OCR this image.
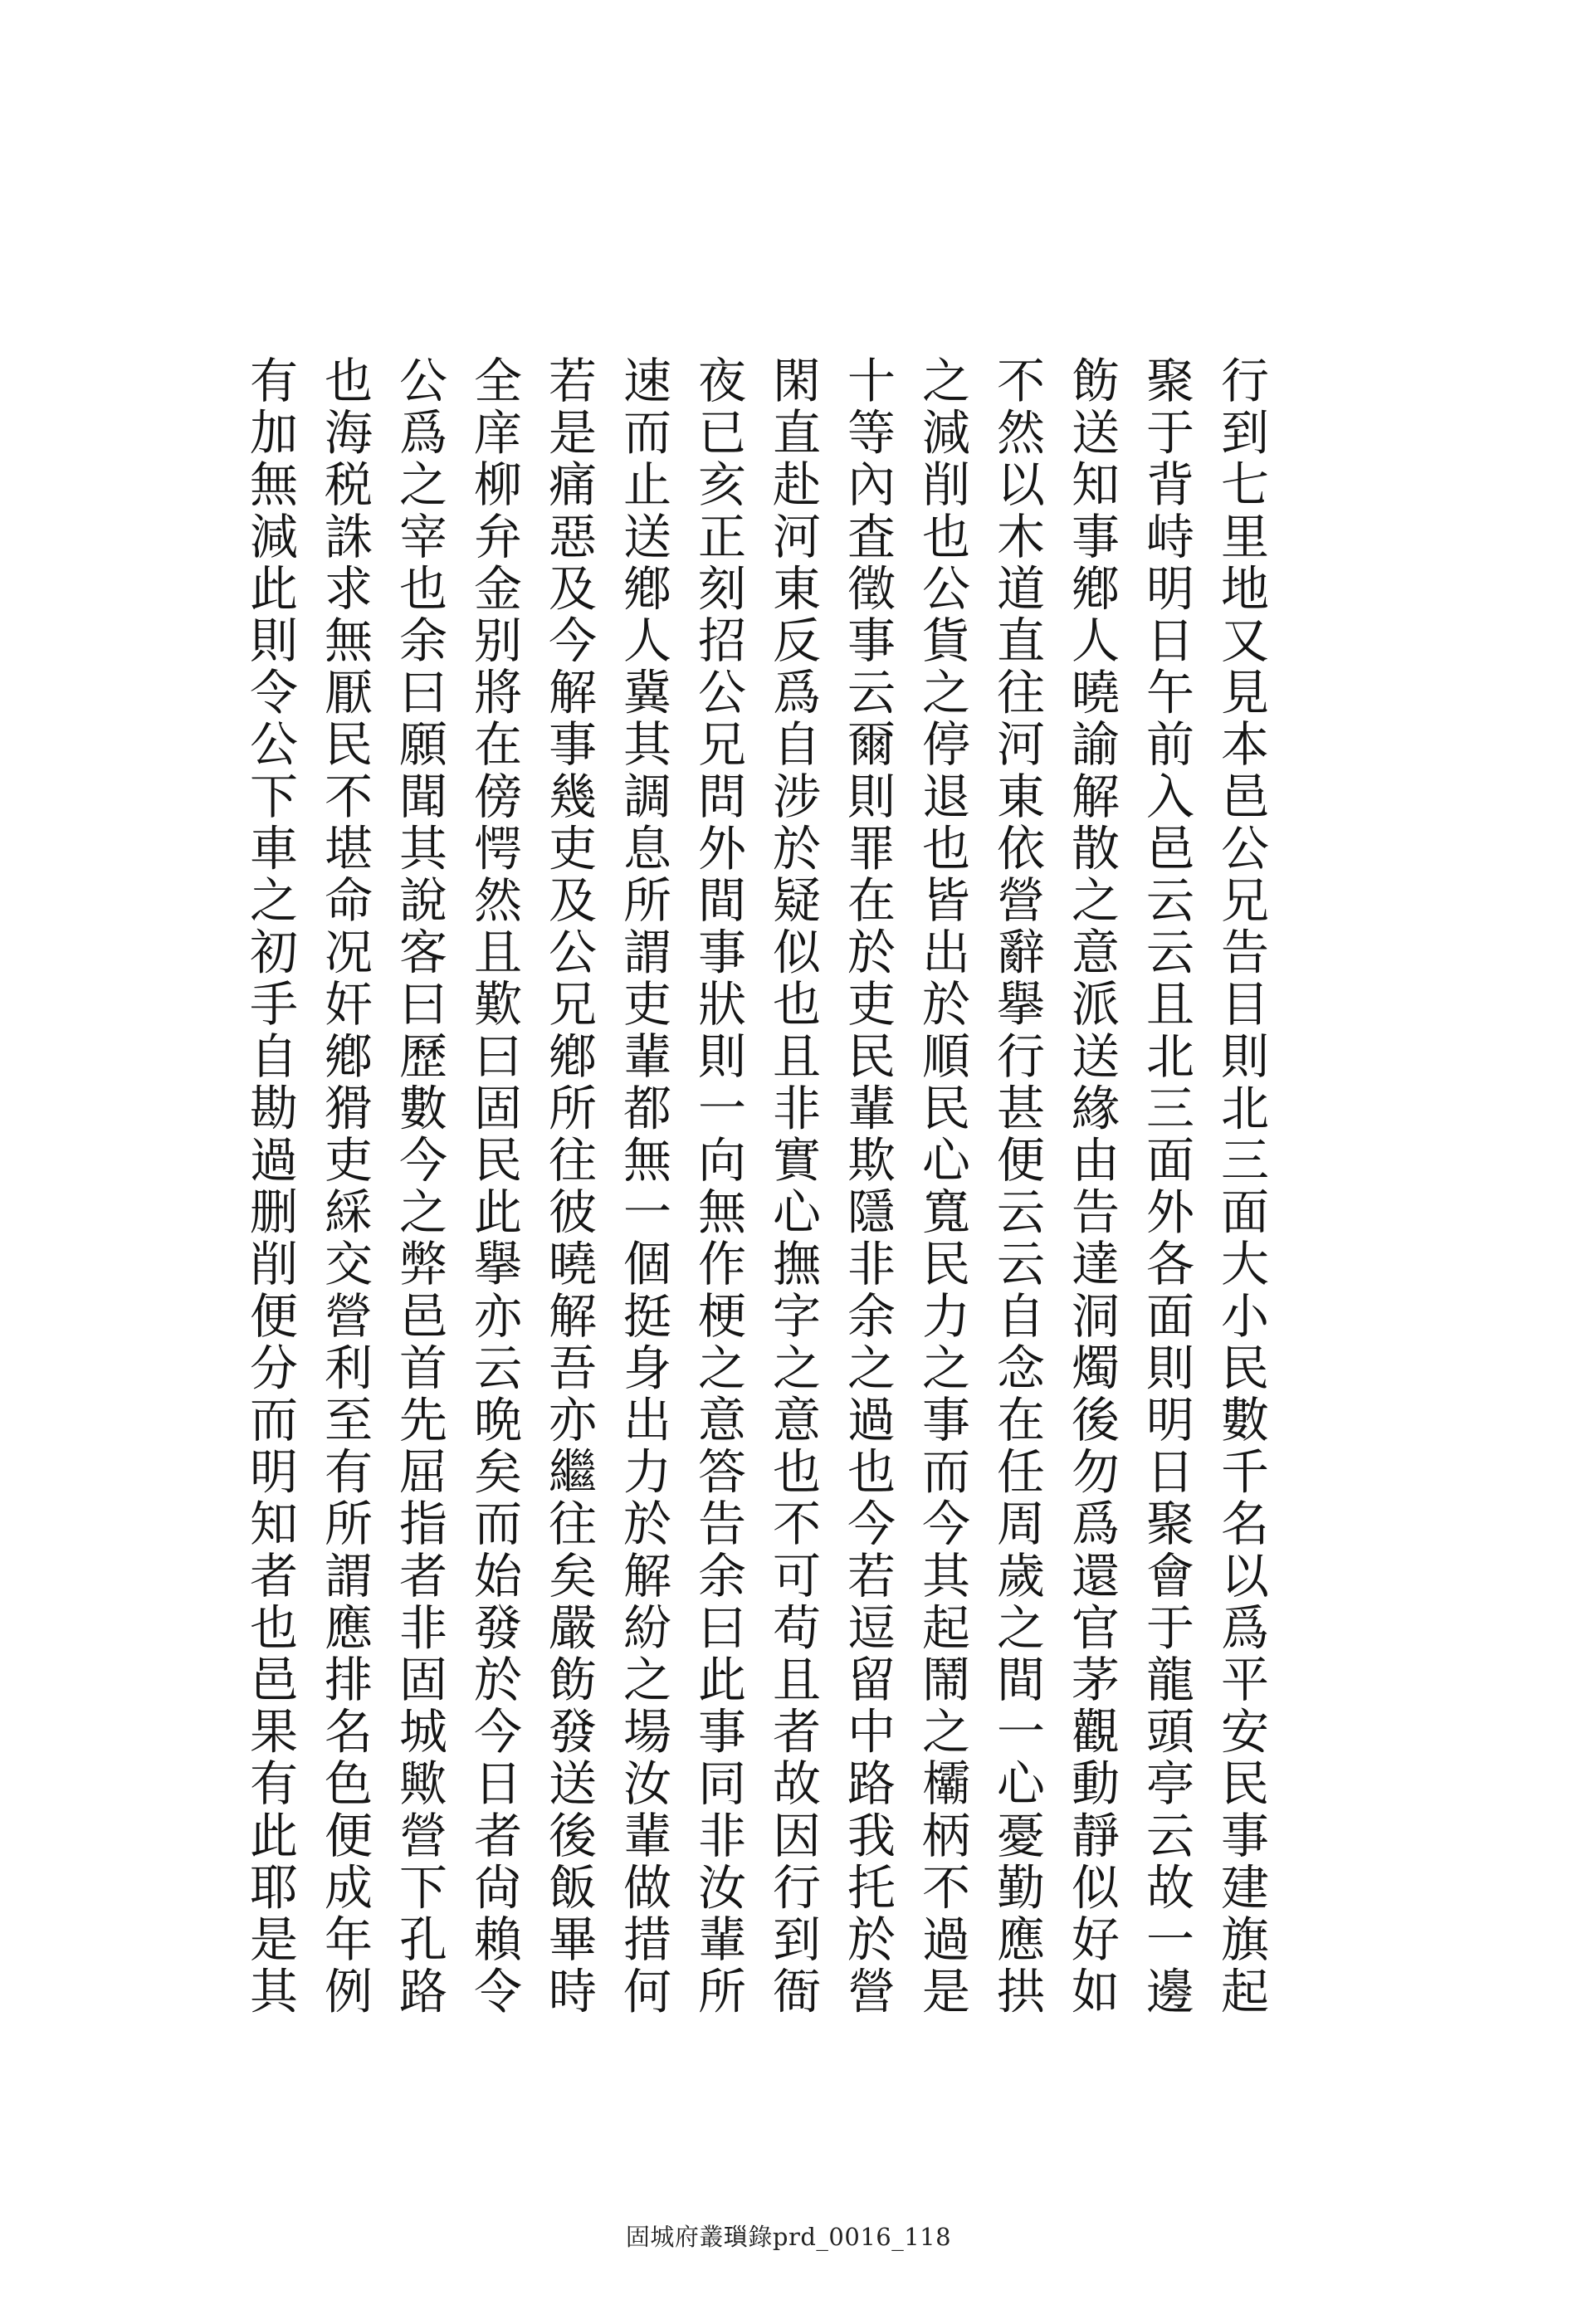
行到七里地又見本邑公兄告目則北三面大小民數千名以爲平安民事建旗起
聚于背峙明日午前入邑云云且北三面外各面則明日聚會于龍頭亭云故一邊
飭送知事鄕人曉諭解散之意派送緣由告達洞燭後勿爲還官茅觀動靜似好如
不然以木道直往河東依營辭擧行甚便云云自念在任周歲之間一心憂勤應拱
之減削也公貨之停退也皆出於順民心寬民力之事而今其起鬧之欛柄不過是
十等內査徵事云爾則罪在於吏民輩欺隱非余之過也今若逗留中路我托於營
閑直赴河東反爲自涉於疑似也且非實心撫字之意也不可苟且者故因行到衙
夜已亥正刻招公兄問外間事狀則一向無作梗之意答告余曰此事同非汝輩所
速而止送鄕人冀其調息所謂吏輩都無一個挺身出力於解紛之場汝輩做措何
若是痛惡及今解事幾吏及公兄鄕所往彼曉解吾亦繼往矣嚴飭發送後飯畢時
全庠柳弁金别將在傍愕然且歎曰固民此擧亦云晩矣而始發於今日者尙賴令
公爲之宰也余曰願聞其說客曰歷數今之弊邑首先屈指者非固城歟營下孔路
也海税誅求無厭民不堪命况奸鄕猾吏綵交營利至有所謂應排名色便成年例
有加無減此則令公下車之初手自勘過删削便分而明知者也邑果有此耶是其
固城府叢𤨏錄prd_0016_118
